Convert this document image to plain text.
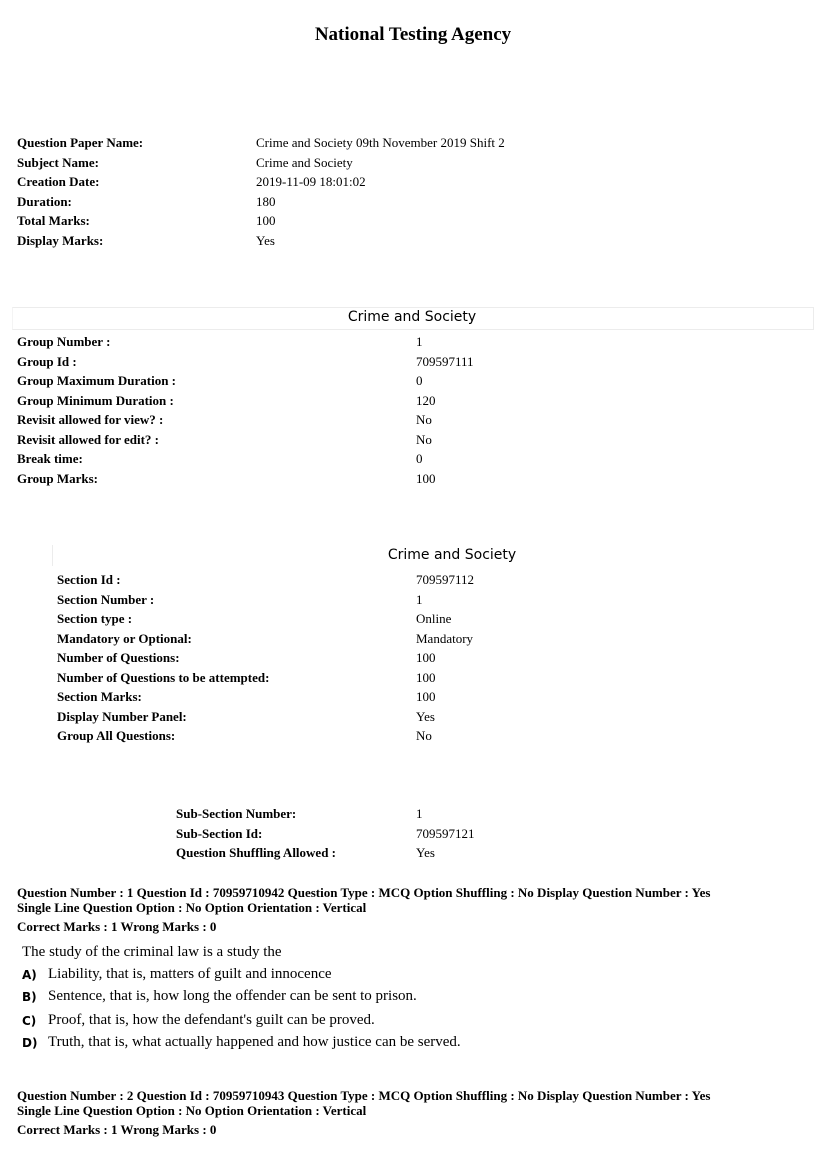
National Testing Agency
Question Paper Name:	Crime and Society 09th November 2019 Shift 2
Subject Name:	Crime and Society
Creation Date:	2019-11-09 18:01:02
Duration:	180
Total Marks:	100
Display Marks:	Yes
Crime and Society
Group Number :	1
Group Id :	709597111
Group Maximum Duration :	0
Group Minimum Duration :	120
Revisit allowed for view? :	No
Revisit allowed for edit? :	No
Break time:	0
Group Marks:	100
Crime and Society
Section Id :	709597112
Section Number :	1
Section type :	Online
Mandatory or Optional:	Mandatory
Number of Questions:	100
Number of Questions to be attempted:	100
Section Marks:	100
Display Number Panel:	Yes
Group All Questions:	No
Sub-Section Number:	1
Sub-Section Id:	709597121
Question Shuffling Allowed :	Yes
Question Number : 1 Question Id : 70959710942 Question Type : MCQ Option Shuffling : No Display Question Number : Yes
Single Line Question Option : No Option Orientation : Vertical
Correct Marks : 1 Wrong Marks : 0
The study of the criminal law is a study the
A) Liability, that is, matters of guilt and innocence
B) Sentence, that is, how long the offender can be sent to prison.
C) Proof, that is, how the defendant's guilt can be proved.
D) Truth, that is, what actually happened and how justice can be served.
Question Number : 2 Question Id : 70959710943 Question Type : MCQ Option Shuffling : No Display Question Number : Yes
Single Line Question Option : No Option Orientation : Vertical
Correct Marks : 1 Wrong Marks : 0
